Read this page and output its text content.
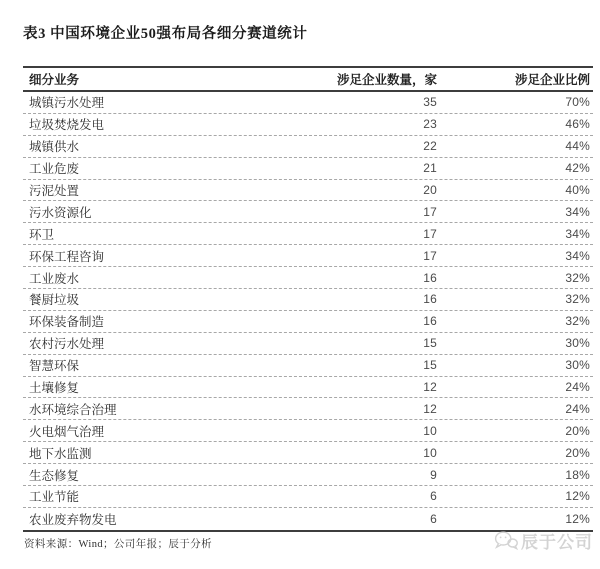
表3 中国环境企业50强布局各细分赛道统计
细分业务	涉足企业数量，家	涉足企业比例
城镇污水处理	35	70%
垃圾焚烧发电	23	46%
城镇供水	22	44%
工业危废	21	42%
污泥处置	20	40%
污水资源化	17	34%
环卫	17	34%
环保工程咨询	17	34%
工业废水	16	32%
餐厨垃圾	16	32%
环保装备制造	16	32%
农村污水处理	15	30%
智慧环保	15	30%
土壤修复	12	24%
水环境综合治理	12	24%
火电烟气治理	10	20%
地下水监测	10	20%
生态修复	9	18%
工业节能	6	12%
农业废弃物发电	6	12%
资料来源：Wind；公司年报；辰于分析	辰于公司
